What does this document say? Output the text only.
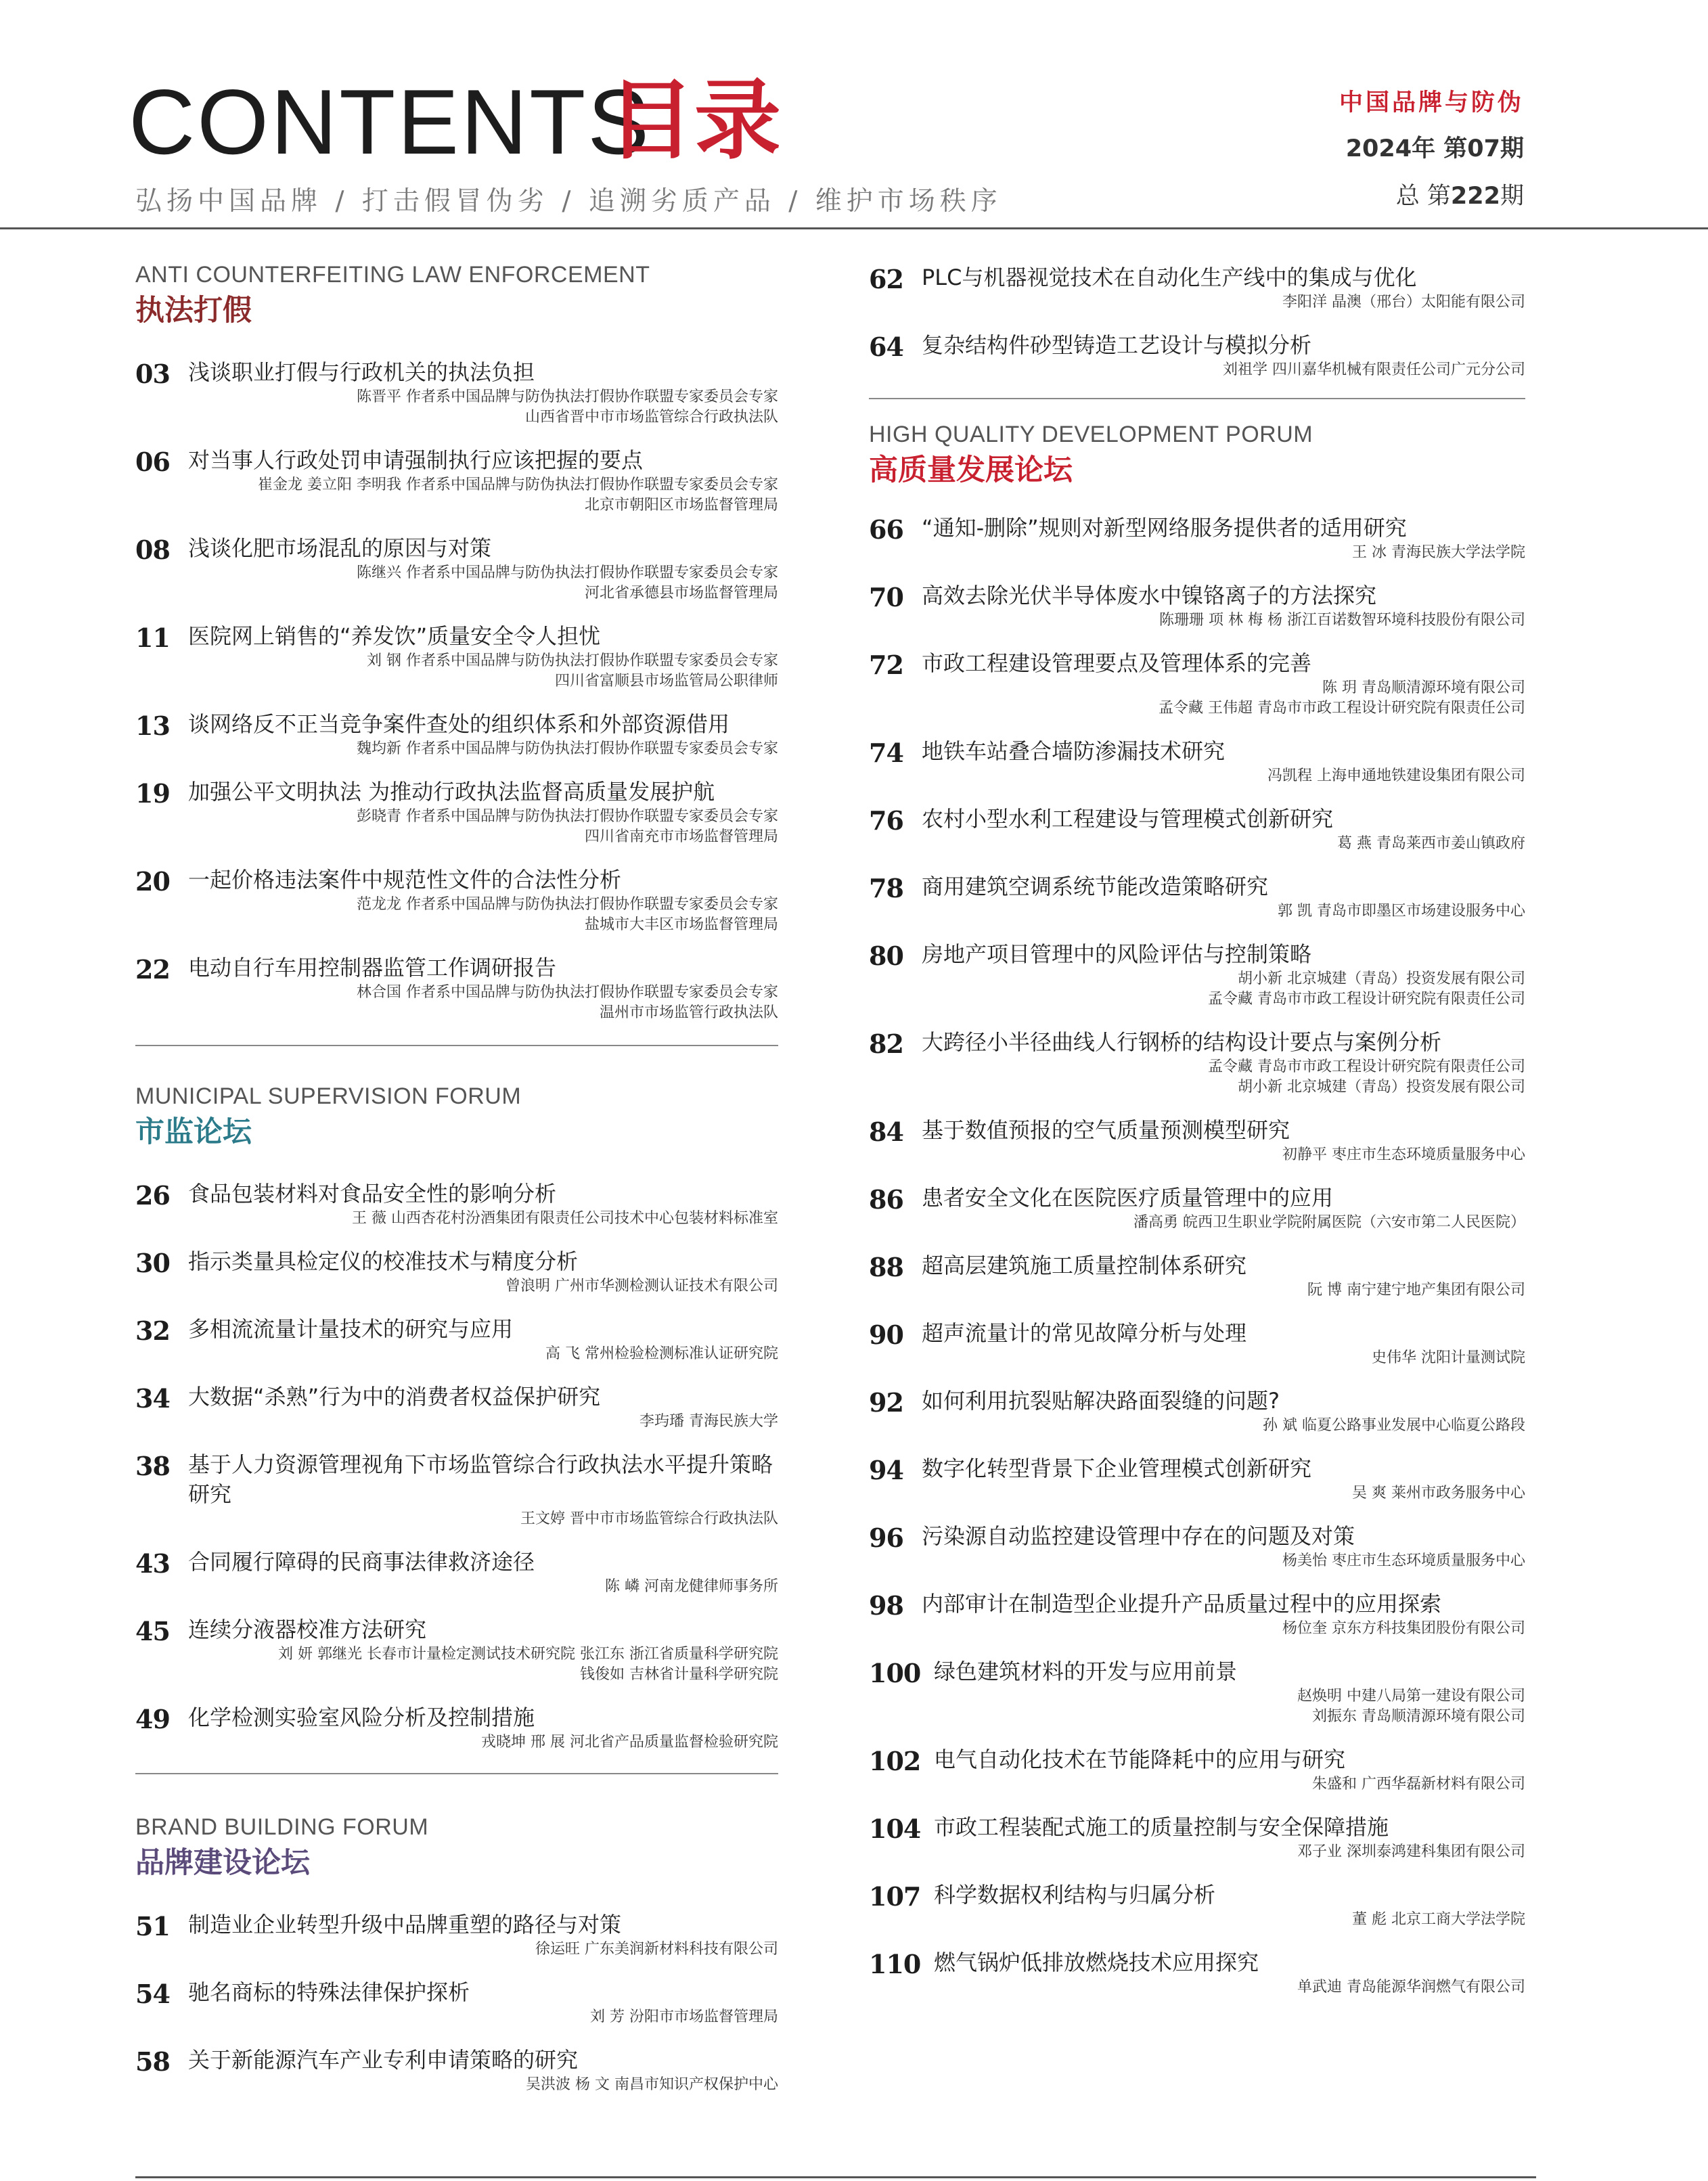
CONTENTS
目录
弘扬中国品牌 / 打击假冒伪劣 / 追溯劣质产品 / 维护市场秩序
中国品牌与防伪
2024年 第07期
总 第222期
ANTI COUNTERFEITING LAW ENFORCEMENT
执法打假
03 浅谈职业打假与行政机关的执法负担
陈晋平 作者系中国品牌与防伪执法打假协作联盟专家委员会专家
山西省晋中市市场监管综合行政执法队
06 对当事人行政处罚申请强制执行应该把握的要点
崔金龙 姜立阳 李明我 作者系中国品牌与防伪执法打假协作联盟专家委员会专家
北京市朝阳区市场监督管理局
08 浅谈化肥市场混乱的原因与对策
陈继兴 作者系中国品牌与防伪执法打假协作联盟专家委员会专家
河北省承德县市场监督管理局
11 医院网上销售的“养发饮”质量安全令人担忧
刘 钢 作者系中国品牌与防伪执法打假协作联盟专家委员会专家
四川省富顺县市场监管局公职律师
13 谈网络反不正当竞争案件查处的组织体系和外部资源借用
魏均新 作者系中国品牌与防伪执法打假协作联盟专家委员会专家
19 加强公平文明执法 为推动行政执法监督高质量发展护航
彭晓青 作者系中国品牌与防伪执法打假协作联盟专家委员会专家
四川省南充市市场监督管理局
20 一起价格违法案件中规范性文件的合法性分析
范龙龙 作者系中国品牌与防伪执法打假协作联盟专家委员会专家
盐城市大丰区市场监督管理局
22 电动自行车用控制器监管工作调研报告
林合国 作者系中国品牌与防伪执法打假协作联盟专家委员会专家
温州市市场监管行政执法队
MUNICIPAL SUPERVISION FORUM
市监论坛
26 食品包装材料对食品安全性的影响分析
王 薇 山西杏花村汾酒集团有限责任公司技术中心包装材料标准室
30 指示类量具检定仪的校准技术与精度分析
曾浪明 广州市华测检测认证技术有限公司
32 多相流流量计量技术的研究与应用
高 飞 常州检验检测标准认证研究院
34 大数据“杀熟”行为中的消费者权益保护研究
李玙璠 青海民族大学
38 基于人力资源管理视角下市场监管综合行政执法水平提升策略研究
王文婷 晋中市市场监管综合行政执法队
43 合同履行障碍的民商事法律救济途径
陈 嶙 河南龙健律师事务所
45 连续分液器校准方法研究
刘 妍 郭继光 长春市计量检定测试技术研究院 张江东 浙江省质量科学研究院
钱俊如 吉林省计量科学研究院
49 化学检测实验室风险分析及控制措施
戎晓坤 邢 展 河北省产品质量监督检验研究院
BRAND BUILDING FORUM
品牌建设论坛
51 制造业企业转型升级中品牌重塑的路径与对策
徐运旺 广东美润新材料科技有限公司
54 驰名商标的特殊法律保护探析
刘 芳 汾阳市市场监督管理局
58 关于新能源汽车产业专利申请策略的研究
吴洪波 杨 文 南昌市知识产权保护中心
62 PLC与机器视觉技术在自动化生产线中的集成与优化
李阳洋 晶澳（邢台）太阳能有限公司
64 复杂结构件砂型铸造工艺设计与模拟分析
刘祖学 四川嘉华机械有限责任公司广元分公司
HIGH QUALITY DEVELOPMENT PORUM
高质量发展论坛
66 “通知-删除”规则对新型网络服务提供者的适用研究
王 冰 青海民族大学法学院
70 高效去除光伏半导体废水中镍铬离子的方法探究
陈珊珊 项 林 梅 杨 浙江百诺数智环境科技股份有限公司
72 市政工程建设管理要点及管理体系的完善
陈 玥 青岛顺清源环境有限公司
孟令藏 王伟超 青岛市市政工程设计研究院有限责任公司
74 地铁车站叠合墙防渗漏技术研究
冯凯程 上海申通地铁建设集团有限公司
76 农村小型水利工程建设与管理模式创新研究
葛 燕 青岛莱西市姜山镇政府
78 商用建筑空调系统节能改造策略研究
郭 凯 青岛市即墨区市场建设服务中心
80 房地产项目管理中的风险评估与控制策略
胡小新 北京城建（青岛）投资发展有限公司
孟令藏 青岛市市政工程设计研究院有限责任公司
82 大跨径小半径曲线人行钢桥的结构设计要点与案例分析
孟令藏 青岛市市政工程设计研究院有限责任公司
胡小新 北京城建（青岛）投资发展有限公司
84 基于数值预报的空气质量预测模型研究
初静平 枣庄市生态环境质量服务中心
86 患者安全文化在医院医疗质量管理中的应用
潘高勇 皖西卫生职业学院附属医院（六安市第二人民医院）
88 超高层建筑施工质量控制体系研究
阮 博 南宁建宁地产集团有限公司
90 超声流量计的常见故障分析与处理
史伟华 沈阳计量测试院
92 如何利用抗裂贴解决路面裂缝的问题?
孙 斌 临夏公路事业发展中心临夏公路段
94 数字化转型背景下企业管理模式创新研究
吴 爽 莱州市政务服务中心
96 污染源自动监控建设管理中存在的问题及对策
杨美怡 枣庄市生态环境质量服务中心
98 内部审计在制造型企业提升产品质量过程中的应用探索
杨位奎 京东方科技集团股份有限公司
100 绿色建筑材料的开发与应用前景
赵焕明 中建八局第一建设有限公司
刘振东 青岛顺清源环境有限公司
102 电气自动化技术在节能降耗中的应用与研究
朱盛和 广西华磊新材料有限公司
104 市政工程装配式施工的质量控制与安全保障措施
邓子业 深圳泰鸿建科集团有限公司
107 科学数据权利结构与归属分析
董 彪 北京工商大学法学院
110 燃气锅炉低排放燃烧技术应用探究
单武迪 青岛能源华润燃气有限公司
